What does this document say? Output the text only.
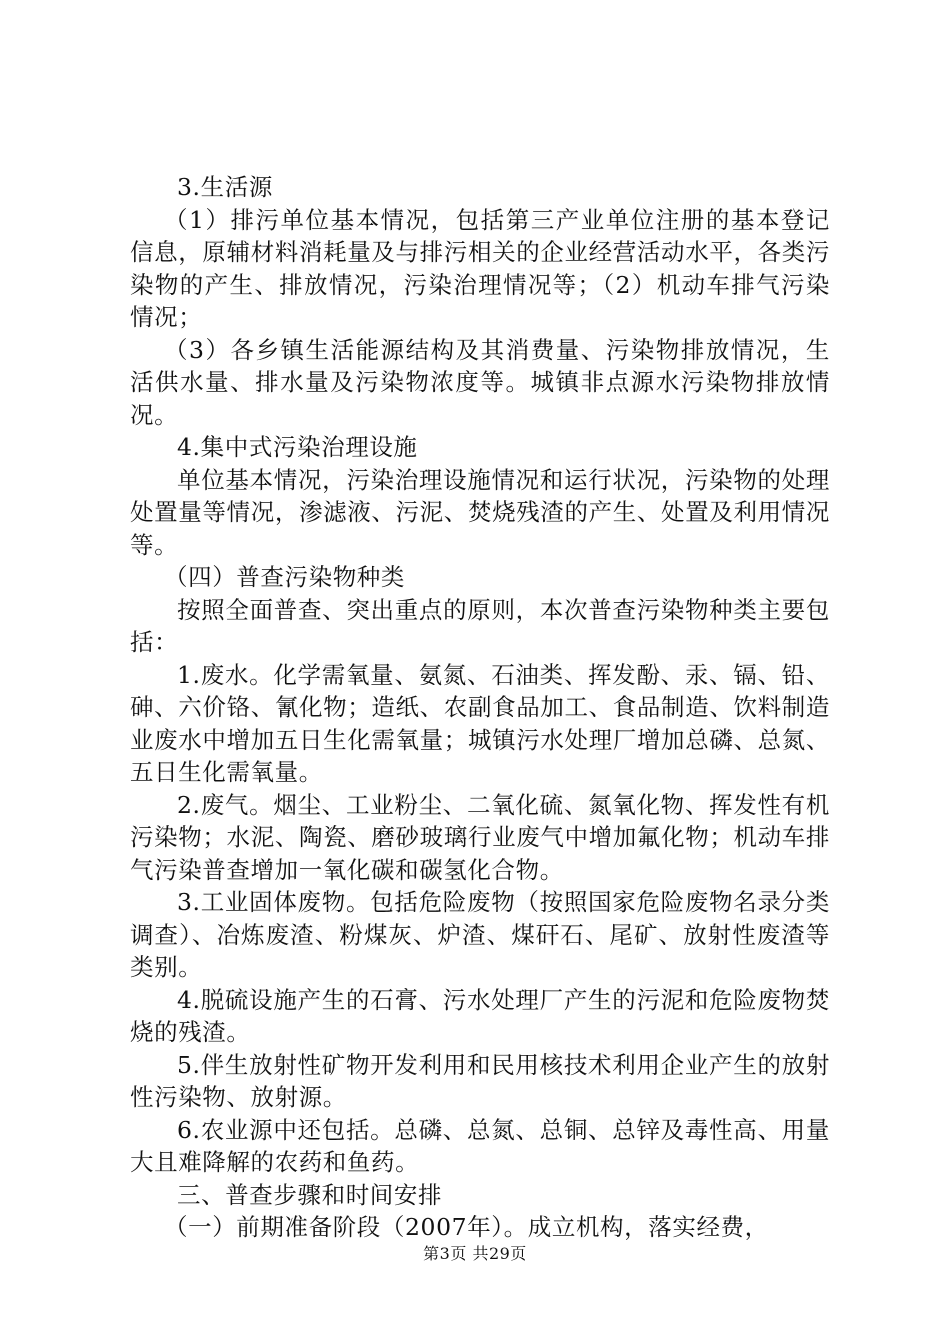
3.生活源

（1）排污单位基本情况，包括第三产业单位注册的基本登记信息，原辅材料消耗量及与排污相关的企业经营活动水平，各类污染物的产生、排放情况，污染治理情况等；（2）机动车排气污染情况；

（3）各乡镇生活能源结构及其消费量、污染物排放情况，生活供水量、排水量及污染物浓度等。城镇非点源水污染物排放情况。

4.集中式污染治理设施

单位基本情况，污染治理设施情况和运行状况，污染物的处理处置量等情况，渗滤液、污泥、焚烧残渣的产生、处置及利用情况等。

（四）普查污染物种类

按照全面普查、突出重点的原则，本次普查污染物种类主要包括：

1.废水。化学需氧量、氨氮、石油类、挥发酚、汞、镉、铅、砷、六价铬、氰化物；造纸、农副食品加工、食品制造、饮料制造业废水中增加五日生化需氧量；城镇污水处理厂增加总磷、总氮、五日生化需氧量。

2.废气。烟尘、工业粉尘、二氧化硫、氮氧化物、挥发性有机污染物；水泥、陶瓷、磨砂玻璃行业废气中增加氟化物；机动车排气污染普查增加一氧化碳和碳氢化合物。

3.工业固体废物。包括危险废物（按照国家危险废物名录分类调查）、冶炼废渣、粉煤灰、炉渣、煤矸石、尾矿、放射性废渣等类别。

4.脱硫设施产生的石膏、污水处理厂产生的污泥和危险废物焚烧的残渣。

5.伴生放射性矿物开发利用和民用核技术利用企业产生的放射性污染物、放射源。

6.农业源中还包括。总磷、总氮、总铜、总锌及毒性高、用量大且难降解的农药和鱼药。

三、普查步骤和时间安排

（一）前期准备阶段（2007年）。成立机构，落实经费，

第3页 共29页
